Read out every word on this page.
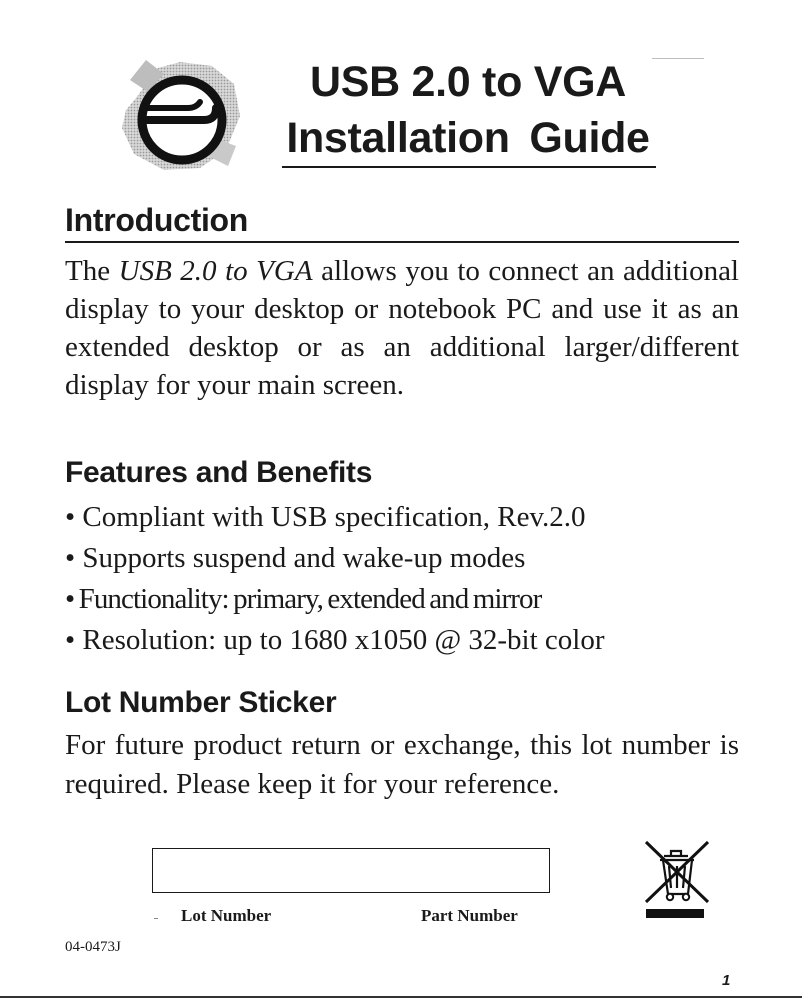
USB 2.0 to VGA
Installation Guide
Introduction

The USB 2.0 to VGA allows you to connect an additional display to your desktop or notebook PC and use it as an extended desktop or as an additional larger/different display for your main screen.

Features and Benefits
• Compliant with USB specification, Rev.2.0
• Supports suspend and wake-up modes
• Functionality: primary, extended and mirror
• Resolution: up to 1680 x1050 @ 32-bit color
Lot Number Sticker

For future product return or exchange, this lot number is required. Please keep it for your reference.

Lot Number	Part Number
04-0473J
1
